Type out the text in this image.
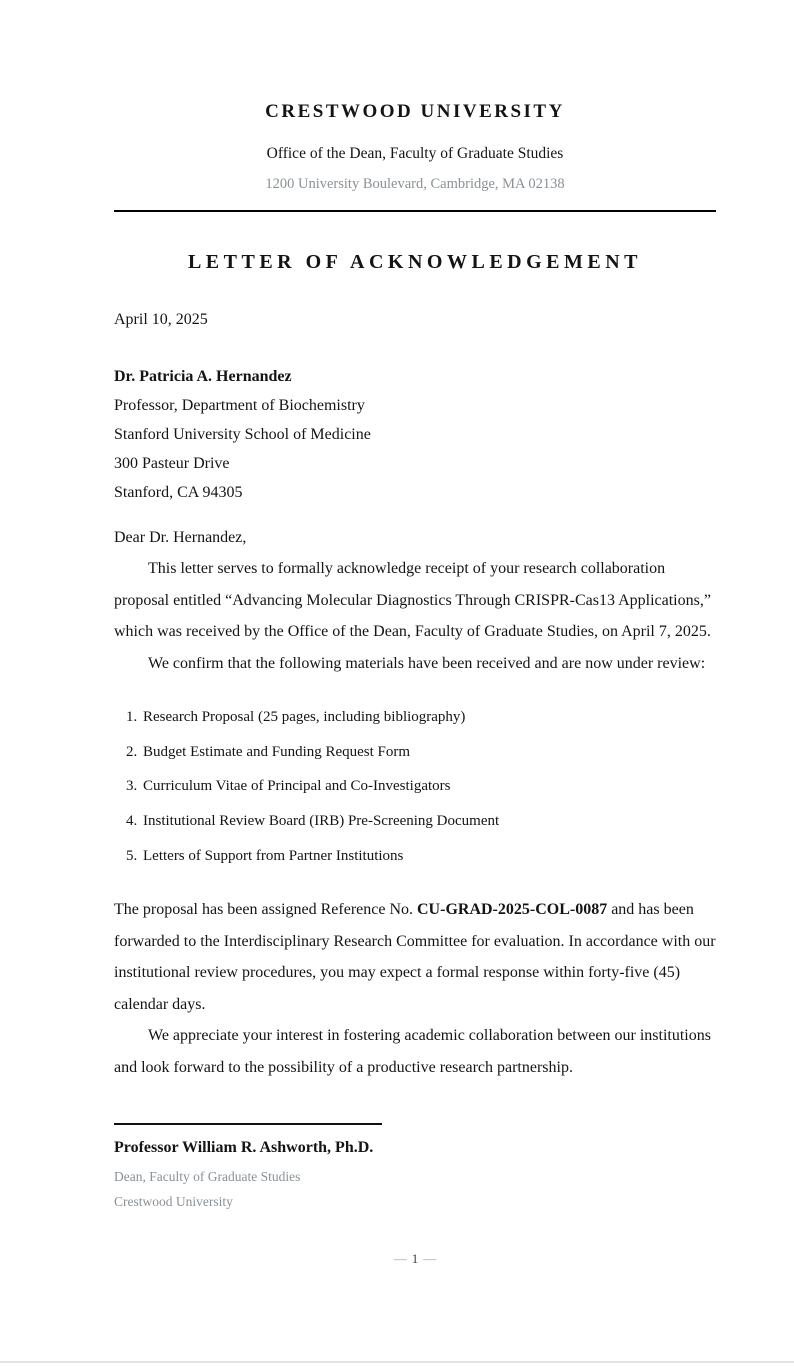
CRESTWOOD UNIVERSITY
Office of the Dean, Faculty of Graduate Studies
1200 University Boulevard, Cambridge, MA 02138
LETTER OF ACKNOWLEDGEMENT
April 10, 2025
Dr. Patricia A. Hernandez
Professor, Department of Biochemistry
Stanford University School of Medicine
300 Pasteur Drive
Stanford, CA 94305

Dear Dr. Hernandez,

This letter serves to formally acknowledge receipt of your research collaboration proposal entitled “Advancing Molecular Diagnostics Through CRISPR-Cas13 Applications,” which was received by the Office of the Dean, Faculty of Graduate Studies, on April 7, 2025.

We confirm that the following materials have been received and are now under review:

1. Research Proposal (25 pages, including bibliography)
2. Budget Estimate and Funding Request Form
3. Curriculum Vitae of Principal and Co-Investigators
4. Institutional Review Board (IRB) Pre-Screening Document
5. Letters of Support from Partner Institutions

The proposal has been assigned Reference No. CU-GRAD-2025-COL-0087 and has been forwarded to the Interdisciplinary Research Committee for evaluation. In accordance with our institutional review procedures, you may expect a formal response within forty-five (45) calendar days.

We appreciate your interest in fostering academic collaboration between our institutions and look forward to the possibility of a productive research partnership.

Professor William R. Ashworth, Ph.D.
Dean, Faculty of Graduate Studies
Crestwood University
— 1 —
